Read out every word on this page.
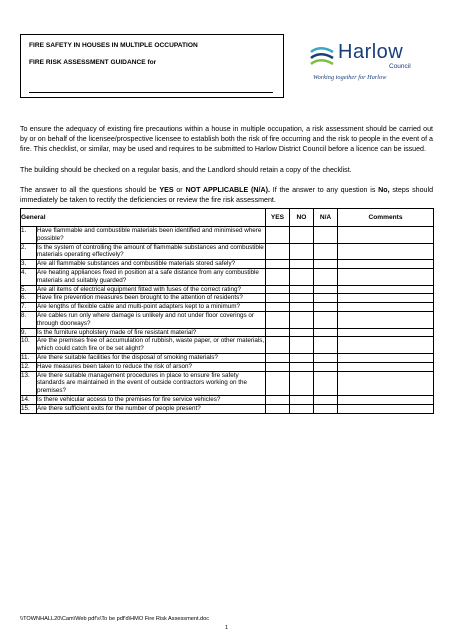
FIRE SAFETY IN HOUSES IN MULTIPLE OCCUPATION
FIRE RISK ASSESSMENT GUIDANCE for	Harlow
Council
Working together for Harlow
To ensure the adequacy of existing fire precautions within a house in multiple occupation, a risk assessment should be carried out by or on behalf of the licensee/prospective licensee to establish both the risk of fire occurring and the risk to people in the event of a fire. This checklist, or similar, may be used and requires to be submitted to Harlow District Council before a licence can be issued.
The building should be checked on a regular basis, and the Landlord should retain a copy of the checklist.
The answer to all the questions should be YES or NOT APPLICABLE (N/A). If the answer to any question is No, steps should immediately be taken to rectify the deficiencies or review the fire risk assessment.
General		YES	NO	N/A	Comments
1.	Have flammable and combustible materials been identified and minimised where possible?				
2.	Is the system of controlling the amount of flammable substances and combustible materials operating effectively?				
3.	Are all flammable substances and combustible materials stored safely?				
4.	Are heating appliances fixed in position at a safe distance from any combustible materials and suitably guarded?				
5.	Are all items of electrical equipment fitted with fuses of the correct rating?				
6.	Have fire prevention measures been brought to the attention of residents?				
7.	Are lengths of flexible cable and multi-point adapters kept to a minimum?				
8.	Are cables run only where damage is unlikely and not under floor coverings or through doorways?				
9.	Is the furniture upholstery made of fire resistant material?				
10.	Are the premises free of accumulation of rubbish, waste paper, or other materials, which could catch fire or be set alight?				
11.	Are there suitable facilities for the disposal of smoking materials?				
12.	Have measures been taken to reduce the risk of arson?				
13.	Are there suitable management procedures in place to ensure fire safety standards are maintained in the event of outside contractors working on the premises?				
14.	Is there vehicular access to the premises for fire service vehicles?				
15.	Are there sufficient exits for the number of people present?				
\\TOWNHALL20\Cam\Web pdf's\To be pdf'd\HMO Fire Risk Assessment.doc
1
